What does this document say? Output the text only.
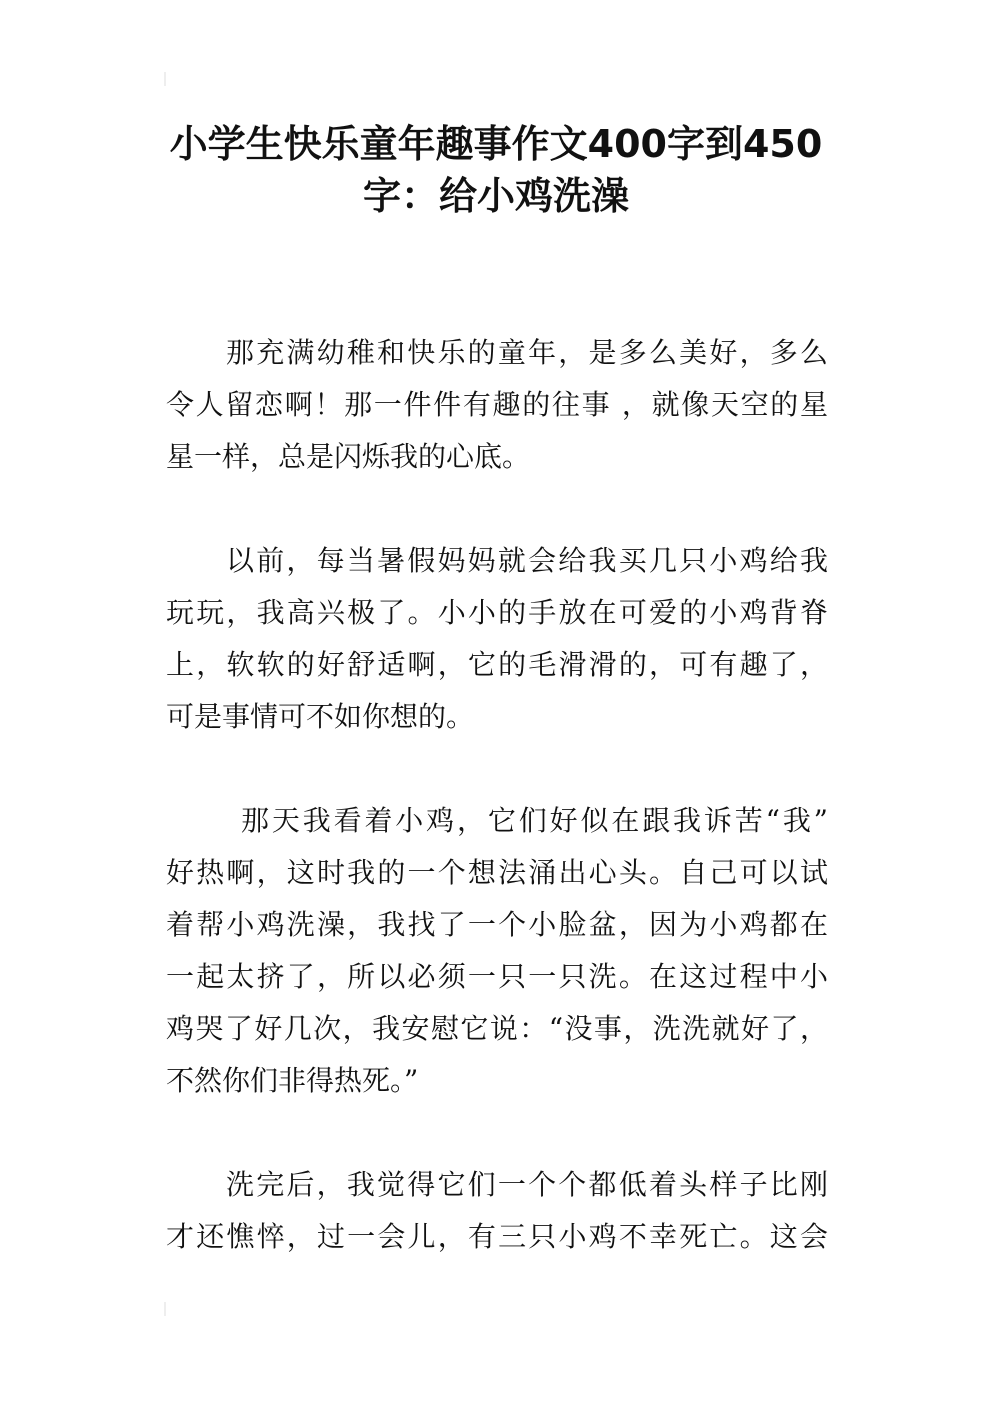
小学生快乐童年趣事作文400字到450
字：给小鸡洗澡
那充满幼稚和快乐的童年，是多么美好，多么
令人留恋啊！那一件件有趣的往事 ，就像天空的星
星一样，总是闪烁我的心底。
以前，每当暑假妈妈就会给我买几只小鸡给我
玩玩，我高兴极了。小小的手放在可爱的小鸡背脊
上，软软的好舒适啊，它的毛滑滑的，可有趣了，
可是事情可不如你想的。
那天我看着小鸡，它们好似在跟我诉苦“我”
好热啊，这时我的一个想法涌出心头。自己可以试
着帮小鸡洗澡，我找了一个小脸盆，因为小鸡都在
一起太挤了，所以必须一只一只洗。在这过程中小
鸡哭了好几次，我安慰它说：“没事，洗洗就好了，
不然你们非得热死。”
洗完后，我觉得它们一个个都低着头样子比刚
才还憔悴，过一会儿，有三只小鸡不幸死亡。这会
